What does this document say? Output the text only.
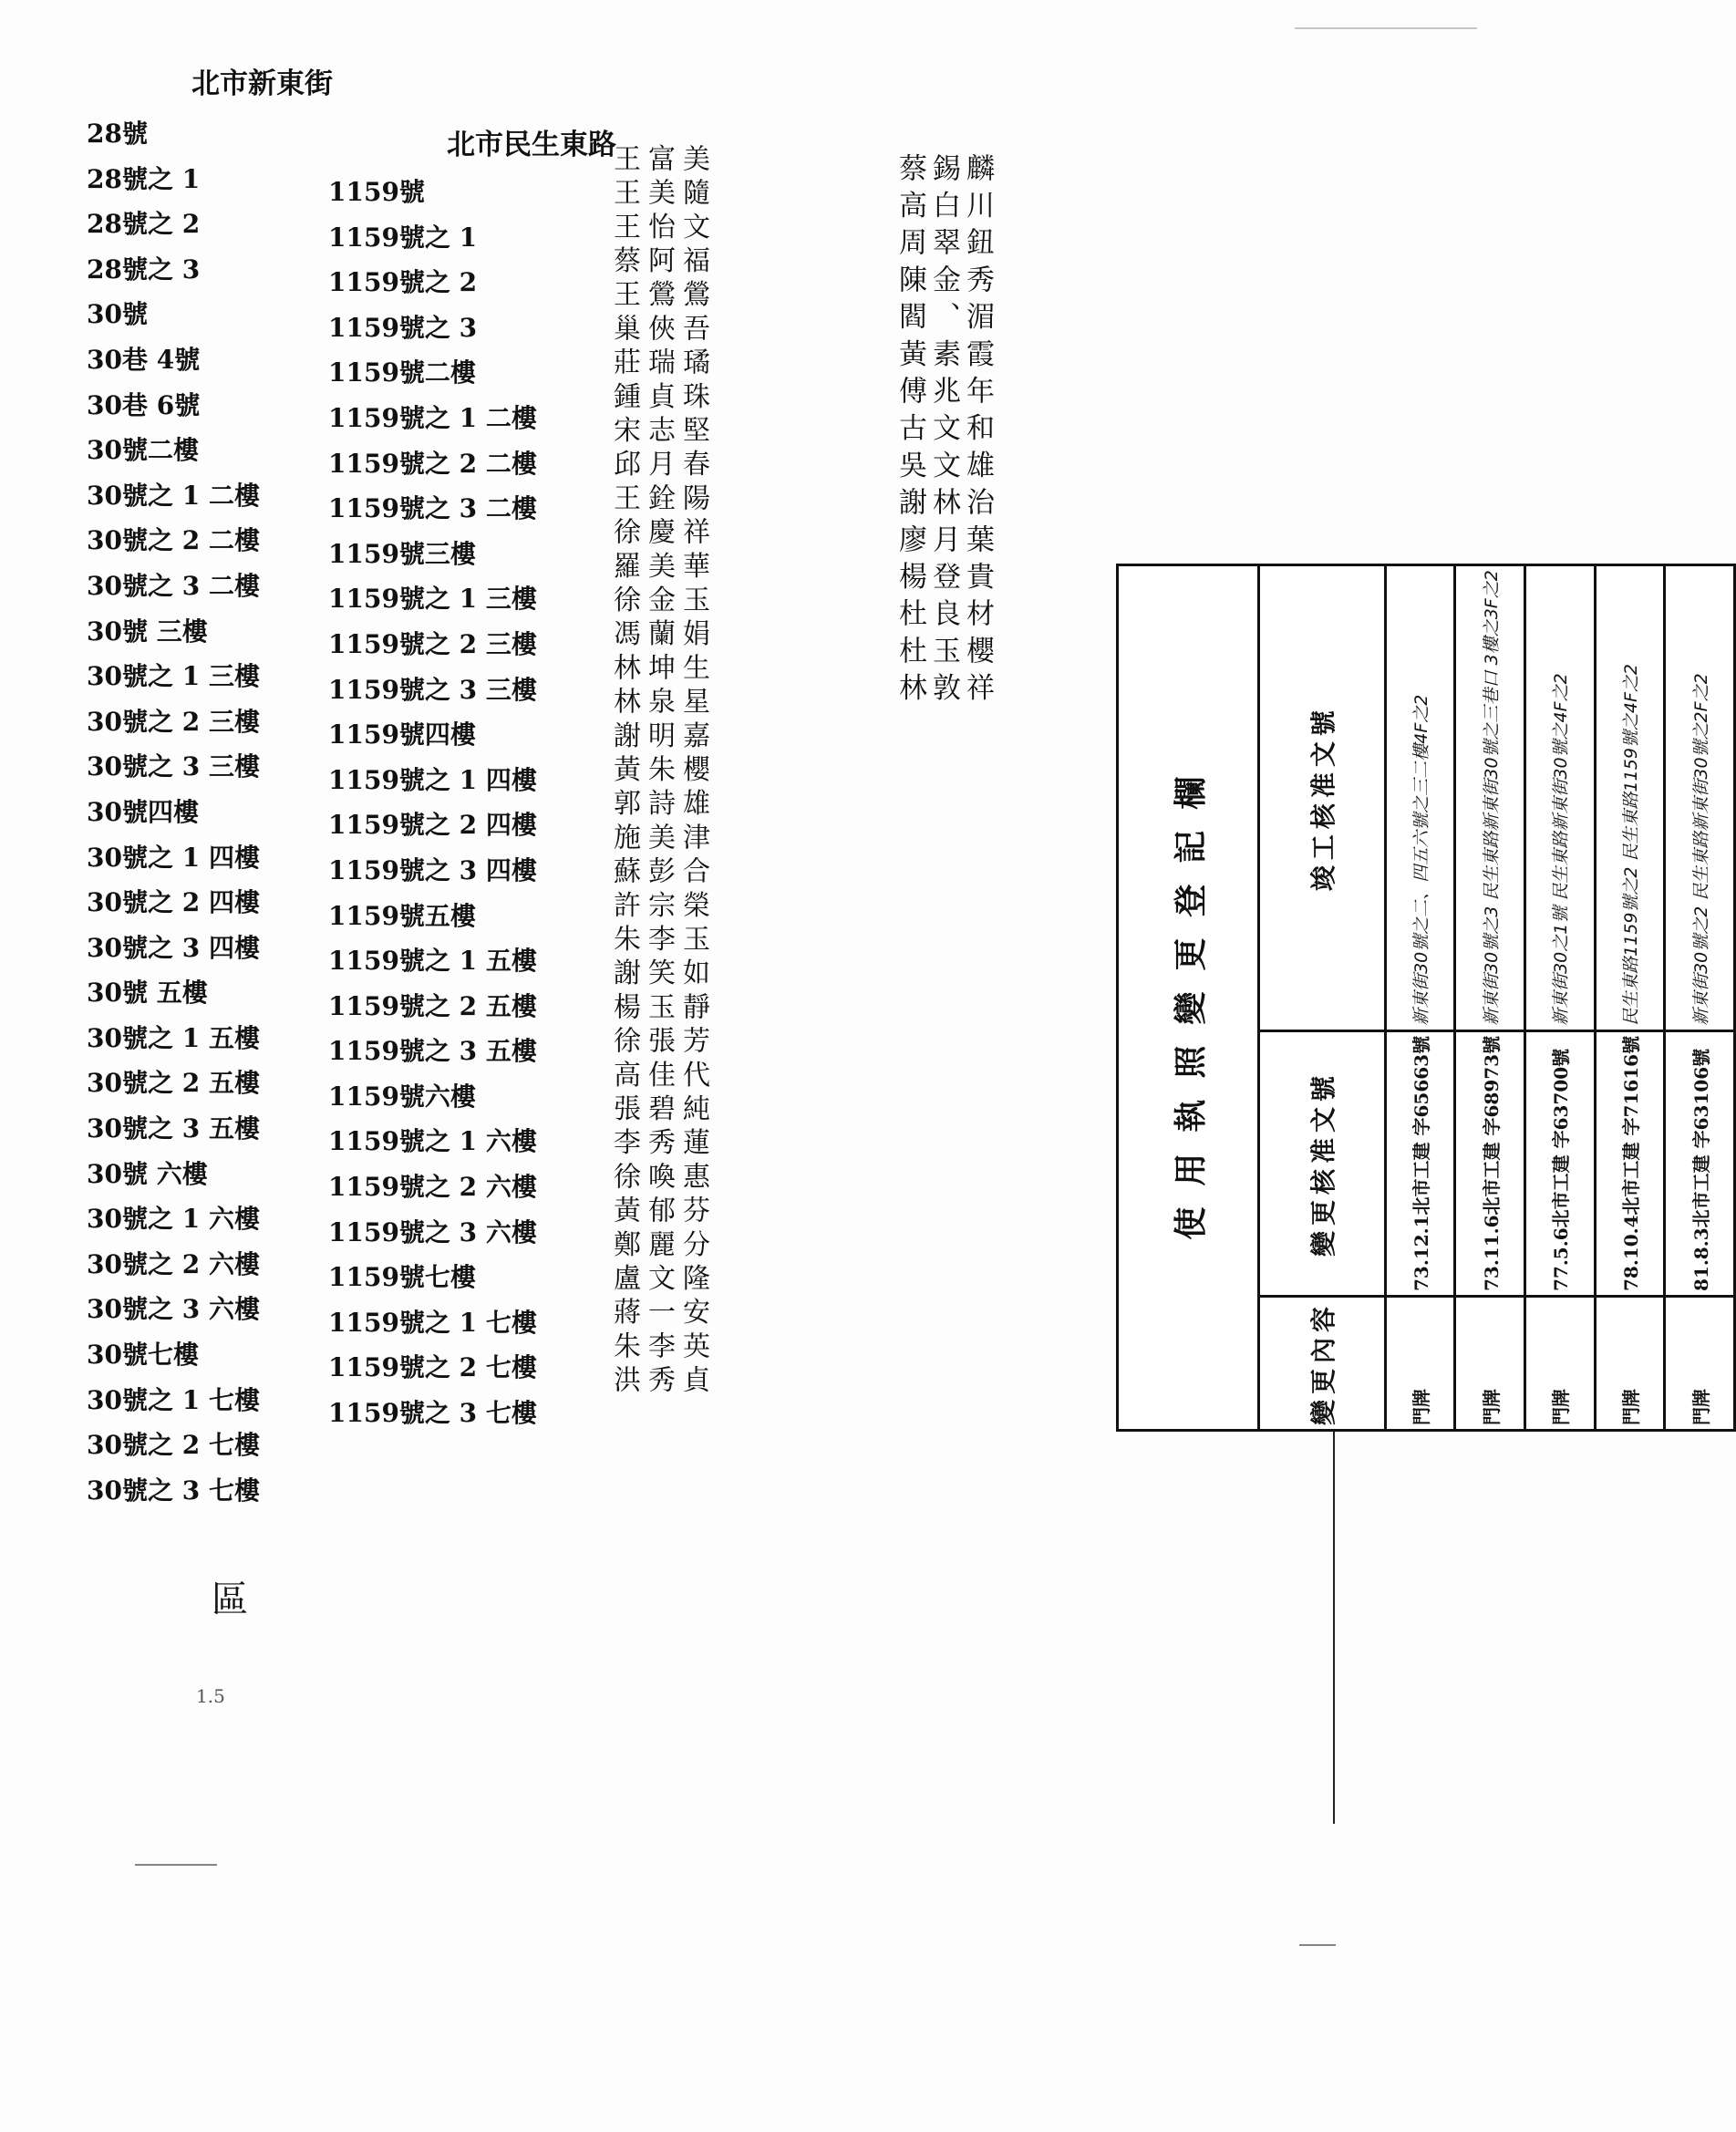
北市新東街
28號
28號之 1
28號之 2
28號之 3
30號
30巷 4號
30巷 6號
30號二樓
30號之 1 二樓
30號之 2 二樓
30號之 3 二樓
30號 三樓
30號之 1 三樓
30號之 2 三樓
30號之 3 三樓
30號四樓
30號之 1 四樓
30號之 2 四樓
30號之 3 四樓
30號 五樓
30號之 1 五樓
30號之 2 五樓
30號之 3 五樓
30號 六樓
30號之 1 六樓
30號之 2 六樓
30號之 3 六樓
30號七樓
30號之 1 七樓
30號之 2 七樓
30號之 3 七樓
北市民生東路
1159號
1159號之 1
1159號之 2
1159號之 3
1159號二樓
1159號之 1 二樓
1159號之 2 二樓
1159號之 3 二樓
1159號三樓
1159號之 1 三樓
1159號之 2 三樓
1159號之 3 三樓
1159號四樓
1159號之 1 四樓
1159號之 2 四樓
1159號之 3 四樓
1159號五樓
1159號之 1 五樓
1159號之 2 五樓
1159號之 3 五樓
1159號六樓
1159號之 1 六樓
1159號之 2 六樓
1159號之 3 六樓
1159號七樓
1159號之 1 七樓
1159號之 2 七樓
1159號之 3 七樓
美隨文福鶯吾璚珠堅春陽祥華玉娟生星嘉櫻雄津合榮玉如靜芳代純蓮惠芬分隆安英貞
富美怡阿鶯俠瑞貞志月銓慶美金蘭坤泉明朱詩美彭宗李笑玉張佳碧秀喚郁麗文一李秀
王王王蔡王巢莊鍾宋邱王徐羅徐馮林林謝黃郭施蘇許朱謝楊徐高張李徐黃鄭盧蔣朱洪	麟川鈕秀湄霞年和雄治葉貴材櫻祥
錫白翠金、素兆文文林月登良玉敦
蔡高周陳閻黃傅古吳謝廖楊杜杜林
區
1.5
使用執照變更登記欄		
變更內容	變更核准文號	竣工核准文號
門牌	73.12.1北市工建 字65663號	新東街30號之二、四五六號之三二樓4F之2
門牌	73.11.6北市工建 字68973號	新東街30號之3 民生東路新東街30號之三巷口 3樓之3F之2
門牌	77.5.6北市工建 字63700號	新東街30之1號 民生東路新東街30號之4F之2
門牌	78.10.4北市工建 字71616號	民生東路1159號之2 民生東路1159號之4F之2
門牌	81.8.3北市工建 字63106號	新東街30號之2 民生東路新東街30號之2F之2
